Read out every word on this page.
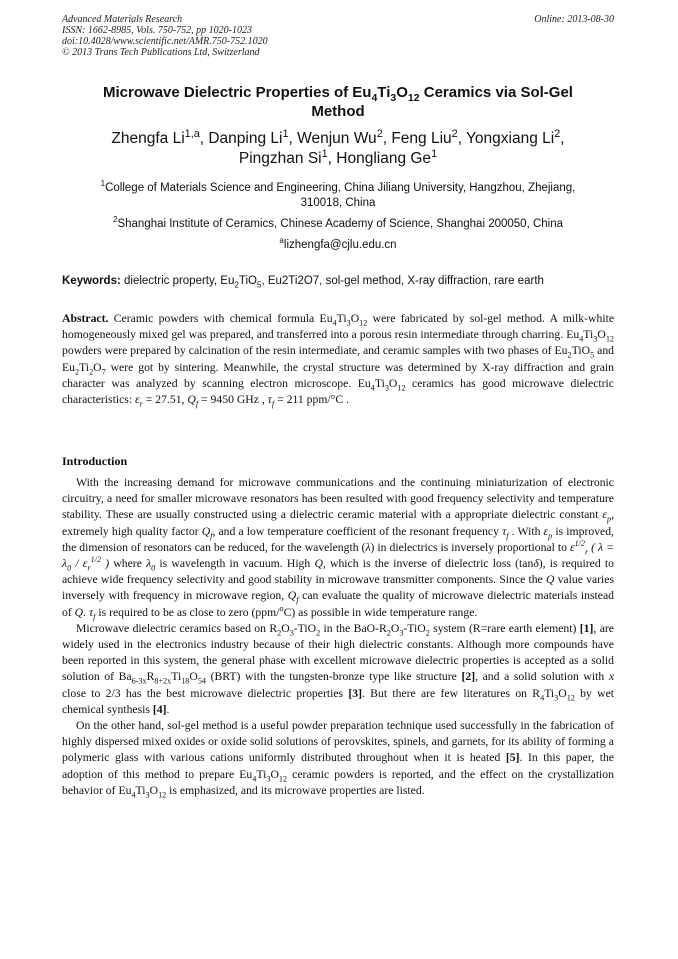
Advanced Materials Research
ISSN: 1662-8985, Vols. 750-752, pp 1020-1023
doi:10.4028/www.scientific.net/AMR.750-752.1020
© 2013 Trans Tech Publications Ltd, Switzerland
Online: 2013-08-30
Microwave Dielectric Properties of $Eu_4Ti_3O_{12}$ Ceramics via Sol-Gel
Method
Zhengfa Li$^{1,a}$, Danping Li$^1$, Wenjun Wu$^2$, Feng Liu$^2$, Yongxiang Li$^2$,
Pingzhan Si$^1$, Hongliang Ge$^1$
$^1$College of Materials Science and Engineering, China Jiliang University, Hangzhou, Zhejiang,
310018, China
$^2$Shanghai Institute of Ceramics, Chinese Academy of Science, Shanghai 200050, China
$^a$lizhengfa@cjlu.edu.cn
Keywords: dielectric property, $Eu_2TiO_5$, Eu2Ti2O7, sol-gel method, X-ray diffraction, rare earth
Abstract. Ceramic powders with chemical formula $Eu_4Ti_3O_{12}$ were fabricated by sol-gel method. A milk-white homogeneously mixed gel was prepared, and transferred into a porous resin intermediate through charring. $Eu_4Ti_3O_{12}$ powders were prepared by calcination of the resin intermediate, and ceramic samples with two phases of $Eu_2TiO_5$ and $Eu_2Ti_2O_7$ were got by sintering. Meanwhile, the crystal structure was determined by X-ray diffraction and grain character was analyzed by scanning electron microscope. $Eu_4Ti_3O_{12}$ ceramics has good microwave dielectric characteristics: $\varepsilon_r = 27.51$, $Q_f = 9450$ GHz , $\tau_f = 211$ ppm/°C .
Introduction

With the increasing demand for microwave communications and the continuing miniaturization of electronic circuitry, a need for smaller microwave resonators has been resulted with good frequency selectivity and temperature stability. These are usually constructed using a dielectric ceramic material with a appropriate dielectric constant $\varepsilon_p$, extremely high quality factor $Q_f$, and a low temperature coefficient of the resonant frequency $\tau_f$ . With $\varepsilon_p$ is improved, the dimension of resonators can be reduced, for the wavelength (λ) in dielectrics is inversely proportional to $\varepsilon^{1/2}_r$ ( $\lambda = \lambda_0 / \varepsilon_r^{1/2}$ ) where $\lambda_0$ is wavelength in vacuum. High Q, which is the inverse of dielectric loss (tanδ), is required to achieve wide frequency selectivity and good stability in microwave transmitter components. Since the Q value varies inversely with frequency in microwave region, $Q_f$ can evaluate the quality of microwave dielectric materials instead of Q. $\tau_f$ is required to be as close to zero (ppm/$^o$C) as possible in wide temperature range.

Microwave dielectric ceramics based on $R_2O_3-TiO_2$ in the BaO-$R_2O_3-TiO_2$ system (R=rare earth element) [1], are widely used in the electronics industry because of their high dielectric constants. Although more compounds have been reported in this system, the general phase with excellent microwave dielectric properties is accepted as a solid solution of $Ba_{6-3x}R_{8+2x}Ti_{18}O_{54}$ (BRT) with the tungsten-bronze type like structure [2], and a solid solution with x close to 2/3 has the best microwave dielectric properties [3]. But there are few literatures on $R_4Ti_3O_{12}$ by wet chemical synthesis [4].

On the other hand, sol-gel method is a useful powder preparation technique used successfully in the fabrication of highly dispersed mixed oxides or oxide solid solutions of perovskites, spinels, and garnets, for its ability of forming a polymeric glass with various cations uniformly distributed throughout when it is heated [5]. In this paper, the adoption of this method to prepare $Eu_4Ti_3O_{12}$ ceramic powders is reported, and the effect on the crystallization behavior of $Eu_4Ti_3O_{12}$ is emphasized, and its microwave properties are listed.
